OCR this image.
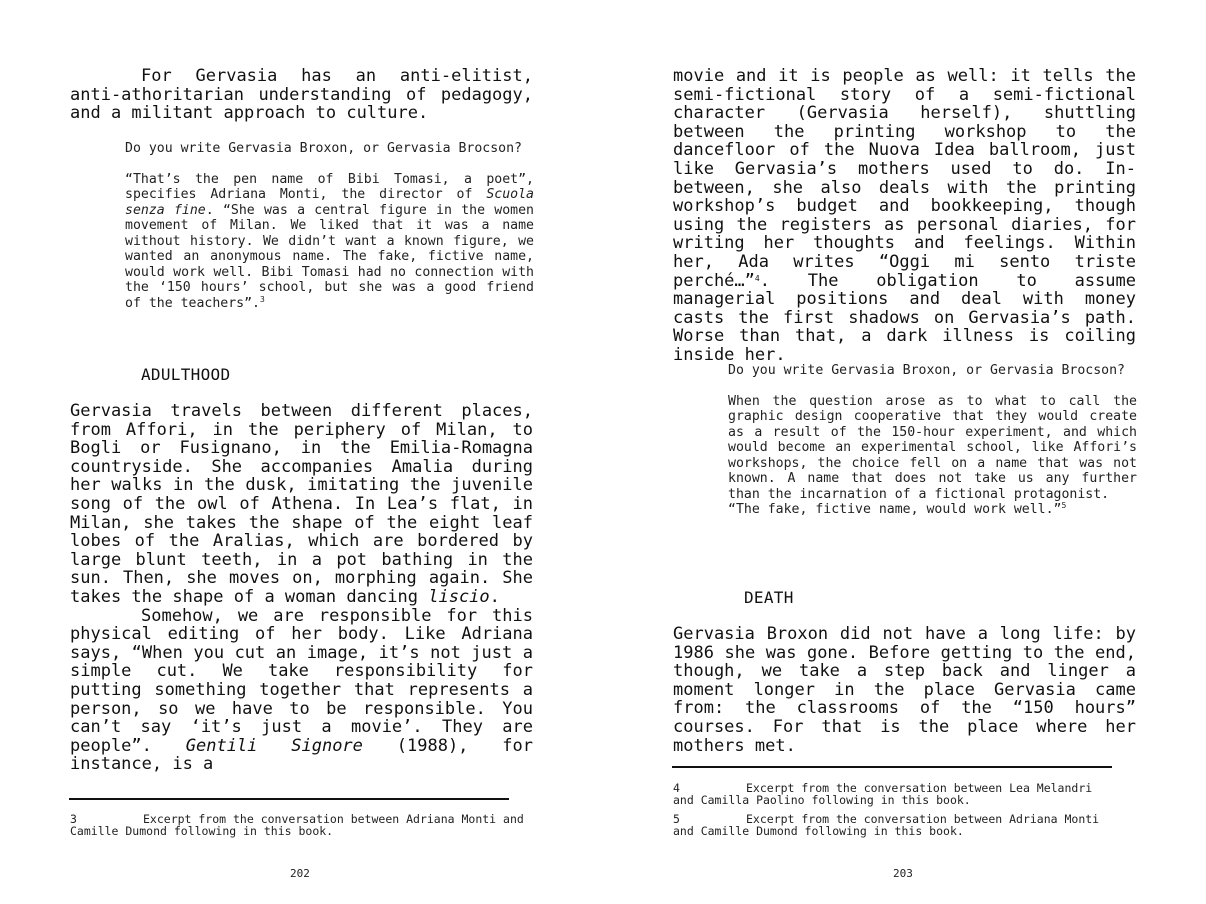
For Gervasia has an anti-elitist, anti-athoritarian understanding of pedagogy, and a militant approach to culture.

Do you write Gervasia Broxon, or Gervasia Brocson?

“That’s the pen name of Bibi Tomasi, a poet”, specifies Adriana Monti, the director of Scuola senza fine. “She was a central figure in the women movement of Milan. We liked that it was a name without history. We didn’t want a known figure, we wanted an anonymous name. The fake, fictive name, would work well. Bibi Tomasi had no connection with the ‘150 hours’ school, but she was a good friend of the teachers”.$^3$

ADULTHOOD

Gervasia travels between different places, from Affori, in the periphery of Milan, to Bogli or Fusignano, in the Emilia-Romagna countryside. She accompanies Amalia during her walks in the dusk, imitating the juvenile song of the owl of Athena. In Lea’s flat, in Milan, she takes the shape of the eight leaf lobes of the Aralias, which are bordered by large blunt teeth, in a pot bathing in the sun. Then, she moves on, morphing again. She takes the shape of a woman dancing liscio.

Somehow, we are responsible for this physical editing of her body. Like Adriana says, “When you cut an image, it’s not just a simple cut. We take responsibility for putting something together that represents a person, so we have to be responsible. You can’t say ‘it’s just a movie’. They are people”. Gentili Signore (1988), for instance, is a

3	Excerpt from the conversation between Adriana Monti and Camille Dumond following in this book.

202

movie and it is people as well: it tells the semi-fictional story of a semi-fictional character (Gervasia herself), shuttling between the printing workshop to the dancefloor of the Nuova Idea ballroom, just like Gervasia’s mothers used to do. In-between, she also deals with the printing workshop’s budget and bookkeeping, though using the registers as personal diaries, for writing her thoughts and feelings. Within her, Ada writes “Oggi mi sento triste perché…”$^4$. The obligation to assume managerial positions and deal with money casts the first shadows on Gervasia’s path. Worse than that, a dark illness is coiling inside her.

Do you write Gervasia Broxon, or Gervasia Brocson?

When the question arose as to what to call the graphic design cooperative that they would create as a result of the 150-hour experiment, and which would become an experimental school, like Affori’s workshops, the choice fell on a name that was not known. A name that does not take us any further than the incarnation of a fictional protagonist.

“The fake, fictive name, would work well.”$^5$

DEATH

Gervasia Broxon did not have a long life: by 1986 she was gone. Before getting to the end, though, we take a step back and linger a moment longer in the place Gervasia came from: the classrooms of the “150 hours” courses. For that is the place where her mothers met.

4	Excerpt from the conversation between Lea Melandri and Camilla Paolino following in this book.

5	Excerpt from the conversation between Adriana Monti and Camille Dumond following in this book.

203
